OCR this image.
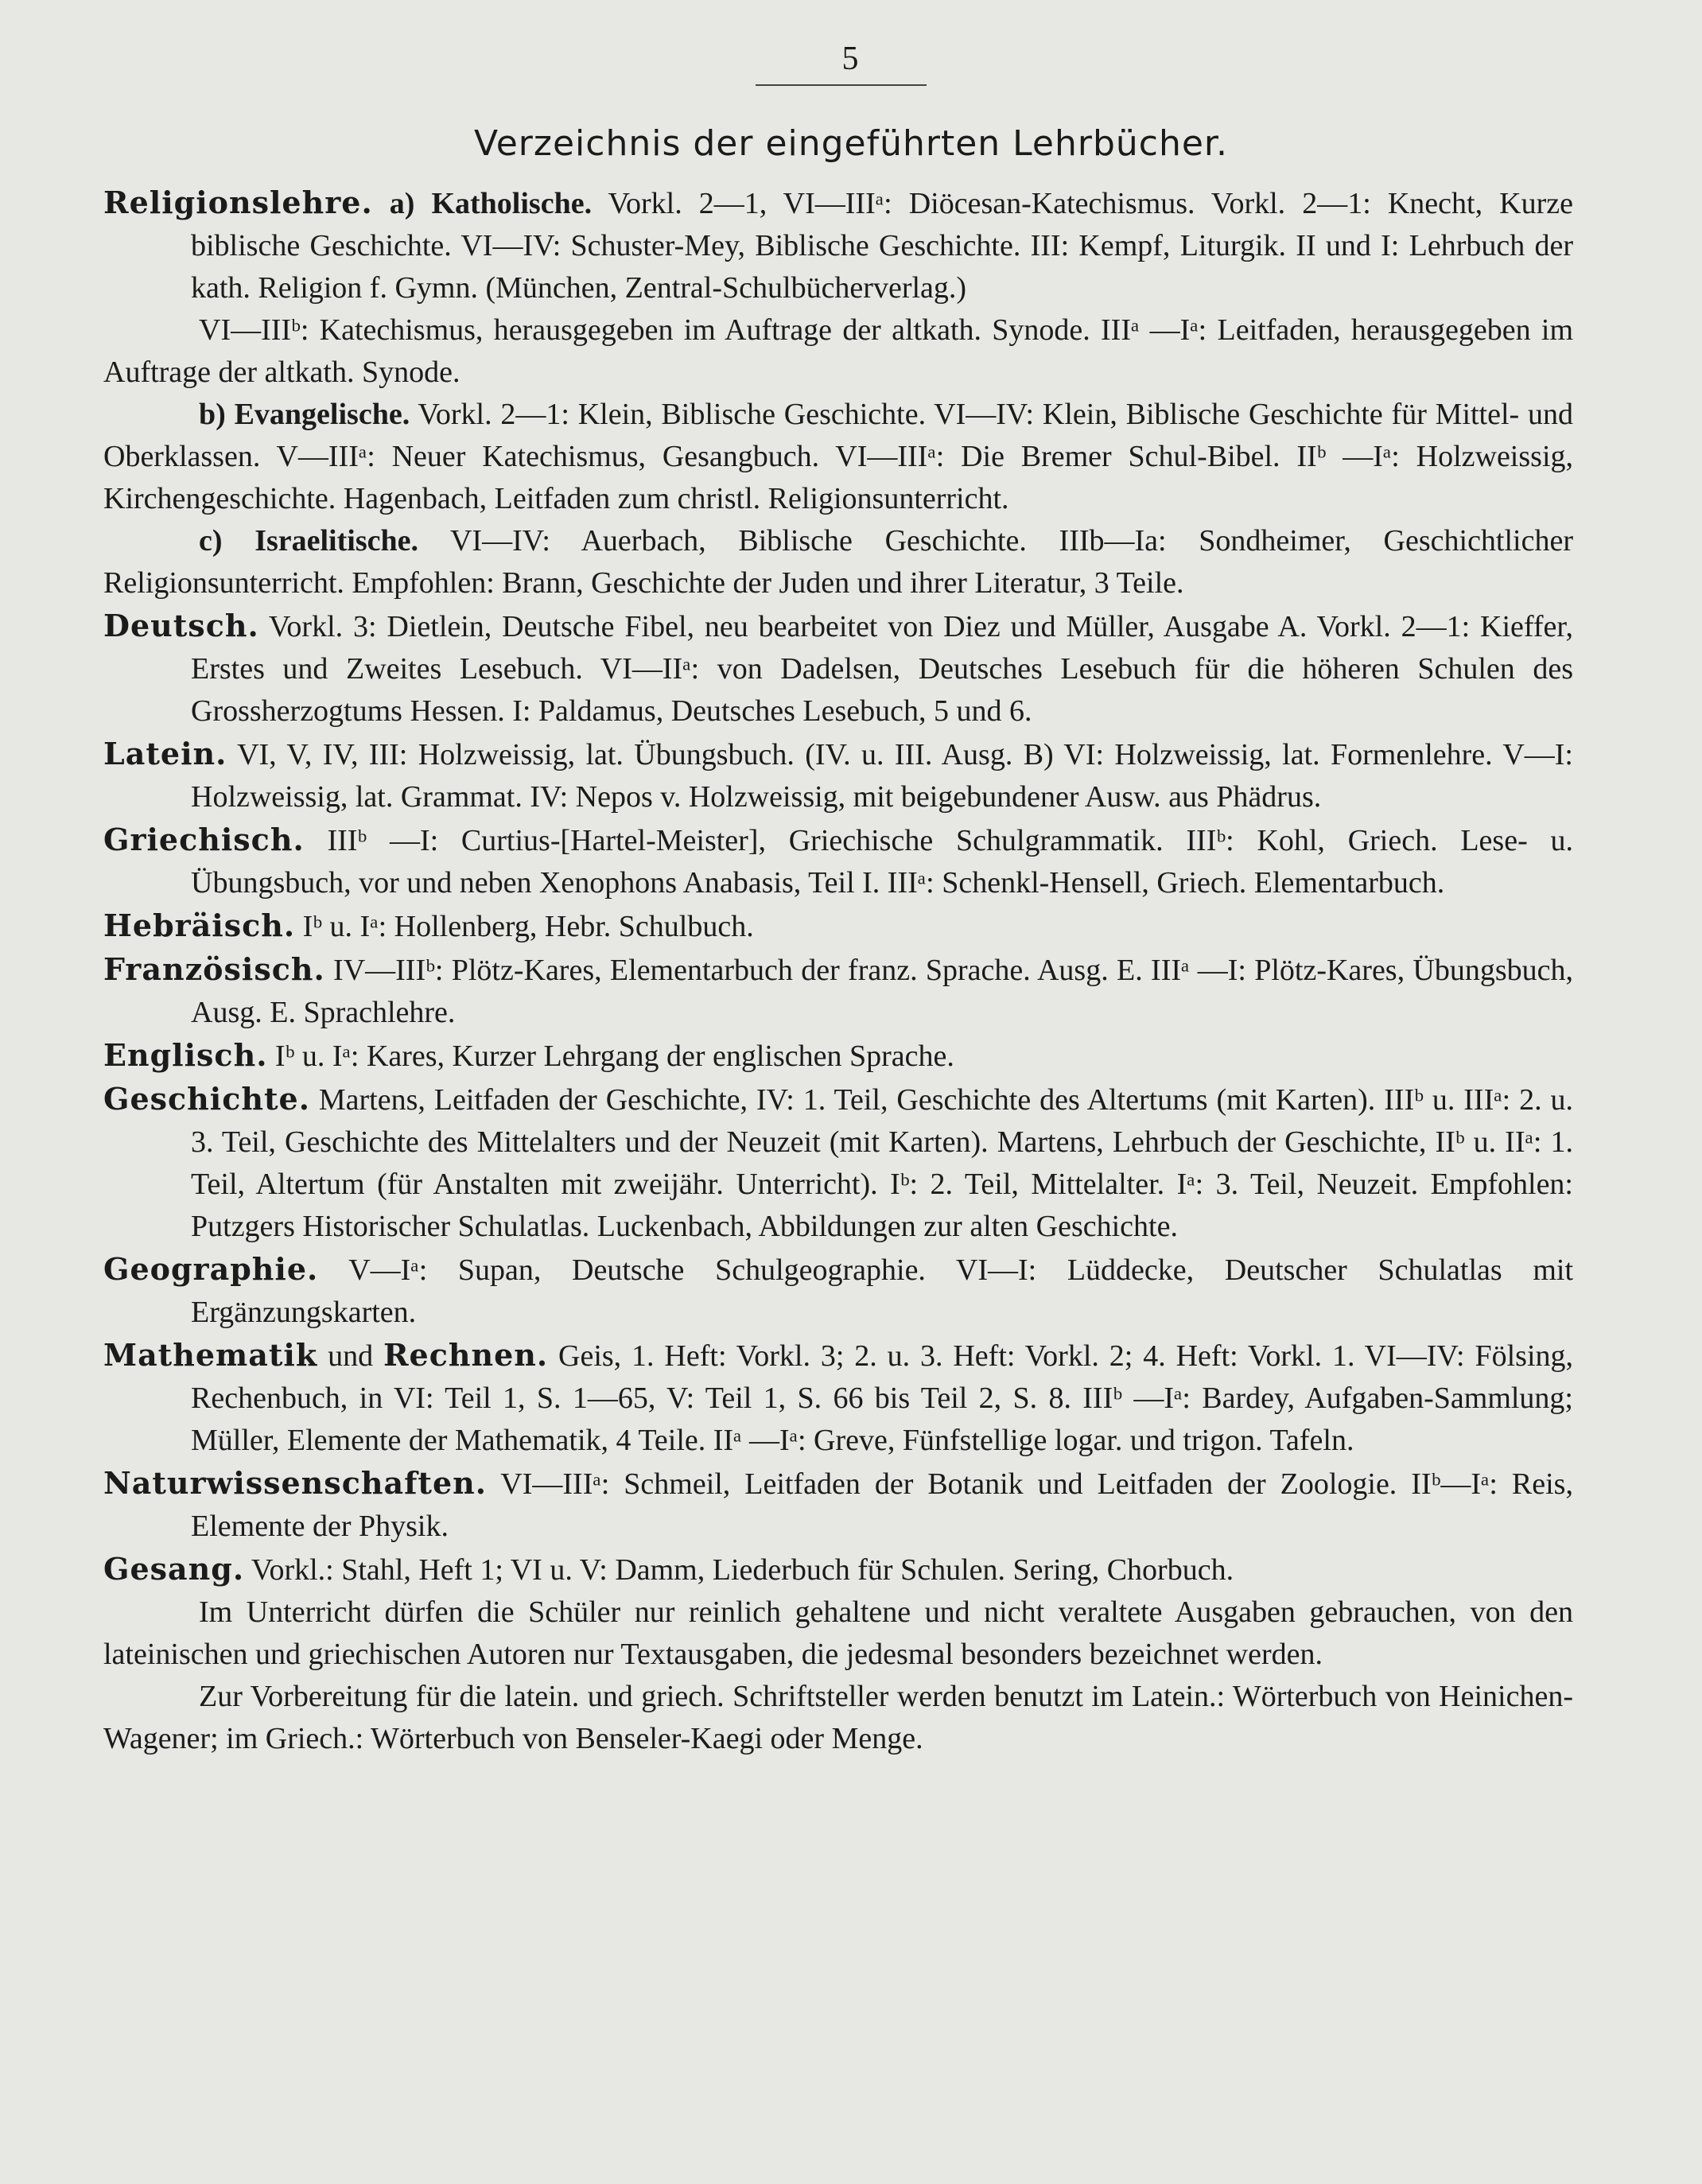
5
Verzeichnis der eingeführten Lehrbücher.

Religionslehre. a) Katholische. Vorkl. 2—1, VI—IIIᵃ: Diöcesan-Katechismus. Vorkl. 2—1: Knecht, Kurze biblische Geschichte. VI—IV: Schuster-Mey, Biblische Geschichte. III: Kempf, Liturgik. II und I: Lehrbuch der kath. Religion f. Gymn. (München, Zentral-Schulbücherverlag.)

VI—IIIᵇ: Katechismus, herausgegeben im Auftrage der altkath. Synode. IIIᵃ —Iᵃ: Leitfaden, herausgegeben im Auftrage der altkath. Synode.

b) Evangelische. Vorkl. 2—1: Klein, Biblische Geschichte. VI—IV: Klein, Biblische Geschichte für Mittel- und Oberklassen. V—IIIᵃ: Neuer Katechismus, Gesangbuch. VI—IIIᵃ: Die Bremer Schul-Bibel. IIᵇ —Iᵃ: Holzweissig, Kirchengeschichte. Hagenbach, Leitfaden zum christl. Religionsunterricht.

c) Israelitische. VI—IV: Auerbach, Biblische Geschichte. IIIb—Ia: Sondheimer, Geschichtlicher Religionsunterricht. Empfohlen: Brann, Geschichte der Juden und ihrer Literatur, 3 Teile.

Deutsch. Vorkl. 3: Dietlein, Deutsche Fibel, neu bearbeitet von Diez und Müller, Ausgabe A. Vorkl. 2—1: Kieffer, Erstes und Zweites Lesebuch. VI—IIᵃ: von Dadelsen, Deutsches Lesebuch für die höheren Schulen des Grossherzogtums Hessen. I: Paldamus, Deutsches Lesebuch, 5 und 6.

Latein. VI, V, IV, III: Holzweissig, lat. Übungsbuch. (IV. u. III. Ausg. B) VI: Holzweissig, lat. Formenlehre. V—I: Holzweissig, lat. Grammat. IV: Nepos v. Holzweissig, mit beigebundener Ausw. aus Phädrus.

Griechisch. IIIᵇ —I: Curtius-[Hartel-Meister], Griechische Schulgrammatik. IIIᵇ: Kohl, Griech. Lese- u. Übungsbuch, vor und neben Xenophons Anabasis, Teil I. IIIᵃ: Schenkl-Hensell, Griech. Elementarbuch.

Hebräisch. Iᵇ u. Iᵃ: Hollenberg, Hebr. Schulbuch.

Französisch. IV—IIIᵇ: Plötz-Kares, Elementarbuch der franz. Sprache. Ausg. E. IIIᵃ —I: Plötz-Kares, Übungsbuch, Ausg. E. Sprachlehre.

Englisch. Iᵇ u. Iᵃ: Kares, Kurzer Lehrgang der englischen Sprache.

Geschichte. Martens, Leitfaden der Geschichte, IV: 1. Teil, Geschichte des Altertums (mit Karten). IIIᵇ u. IIIᵃ: 2. u. 3. Teil, Geschichte des Mittelalters und der Neuzeit (mit Karten). Martens, Lehrbuch der Geschichte, IIᵇ u. IIᵃ: 1. Teil, Altertum (für Anstalten mit zweijähr. Unterricht). Iᵇ: 2. Teil, Mittelalter. Iᵃ: 3. Teil, Neuzeit. Empfohlen: Putzgers Historischer Schulatlas. Luckenbach, Abbildungen zur alten Geschichte.

Geographie. V—Iᵃ: Supan, Deutsche Schulgeographie. VI—I: Lüddecke, Deutscher Schulatlas mit Ergänzungskarten.

Mathematik und Rechnen. Geis, 1. Heft: Vorkl. 3; 2. u. 3. Heft: Vorkl. 2; 4. Heft: Vorkl. 1. VI—IV: Fölsing, Rechenbuch, in VI: Teil 1, S. 1—65, V: Teil 1, S. 66 bis Teil 2, S. 8. IIIᵇ —Iᵃ: Bardey, Aufgaben-Sammlung; Müller, Elemente der Mathematik, 4 Teile. IIᵃ —Iᵃ: Greve, Fünfstellige logar. und trigon. Tafeln.

Naturwissenschaften. VI—IIIᵃ: Schmeil, Leitfaden der Botanik und Leitfaden der Zoologie. IIᵇ—Iᵃ: Reis, Elemente der Physik.

Gesang. Vorkl.: Stahl, Heft 1; VI u. V: Damm, Liederbuch für Schulen. Sering, Chorbuch.

Im Unterricht dürfen die Schüler nur reinlich gehaltene und nicht veraltete Ausgaben gebrauchen, von den lateinischen und griechischen Autoren nur Textausgaben, die jedesmal besonders bezeichnet werden.

Zur Vorbereitung für die latein. und griech. Schriftsteller werden benutzt im Latein.: Wörterbuch von Heinichen-Wagener; im Griech.: Wörterbuch von Benseler-Kaegi oder Menge.
